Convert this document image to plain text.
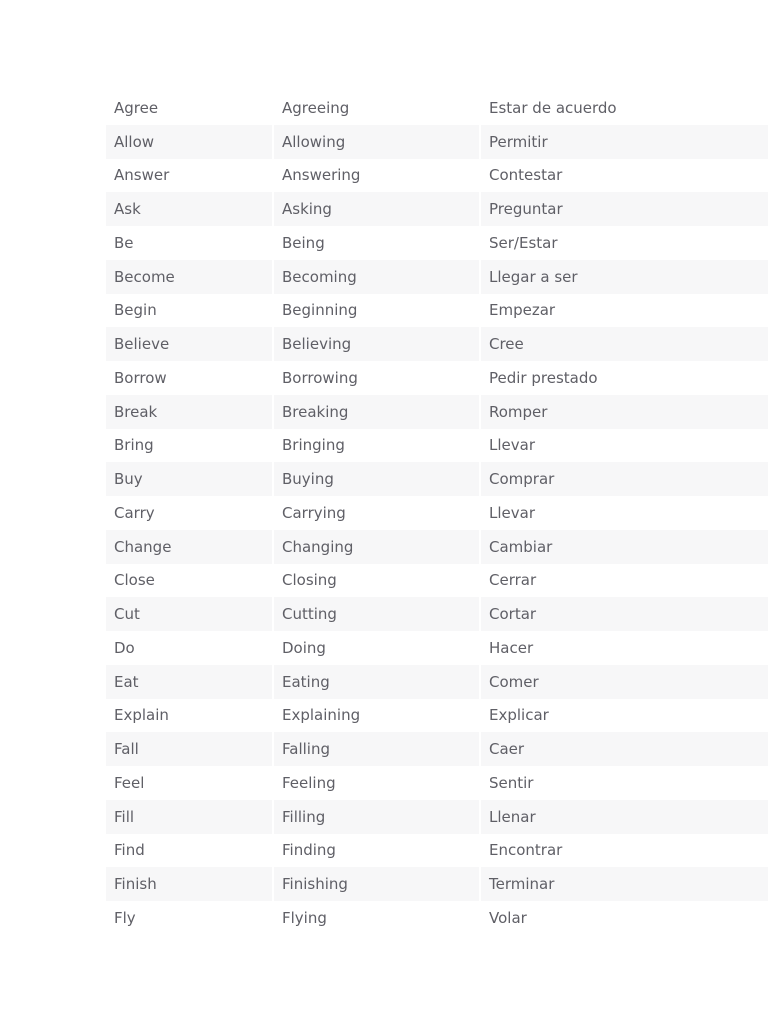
Agree	Agreeing	Estar de acuerdo
Allow	Allowing	Permitir
Answer	Answering	Contestar
Ask	Asking	Preguntar
Be	Being	Ser/Estar
Become	Becoming	Llegar a ser
Begin	Beginning	Empezar
Believe	Believing	Cree
Borrow	Borrowing	Pedir prestado
Break	Breaking	Romper
Bring	Bringing	Llevar
Buy	Buying	Comprar
Carry	Carrying	Llevar
Change	Changing	Cambiar
Close	Closing	Cerrar
Cut	Cutting	Cortar
Do	Doing	Hacer
Eat	Eating	Comer
Explain	Explaining	Explicar
Fall	Falling	Caer
Feel	Feeling	Sentir
Fill	Filling	Llenar
Find	Finding	Encontrar
Finish	Finishing	Terminar
Fly	Flying	Volar
